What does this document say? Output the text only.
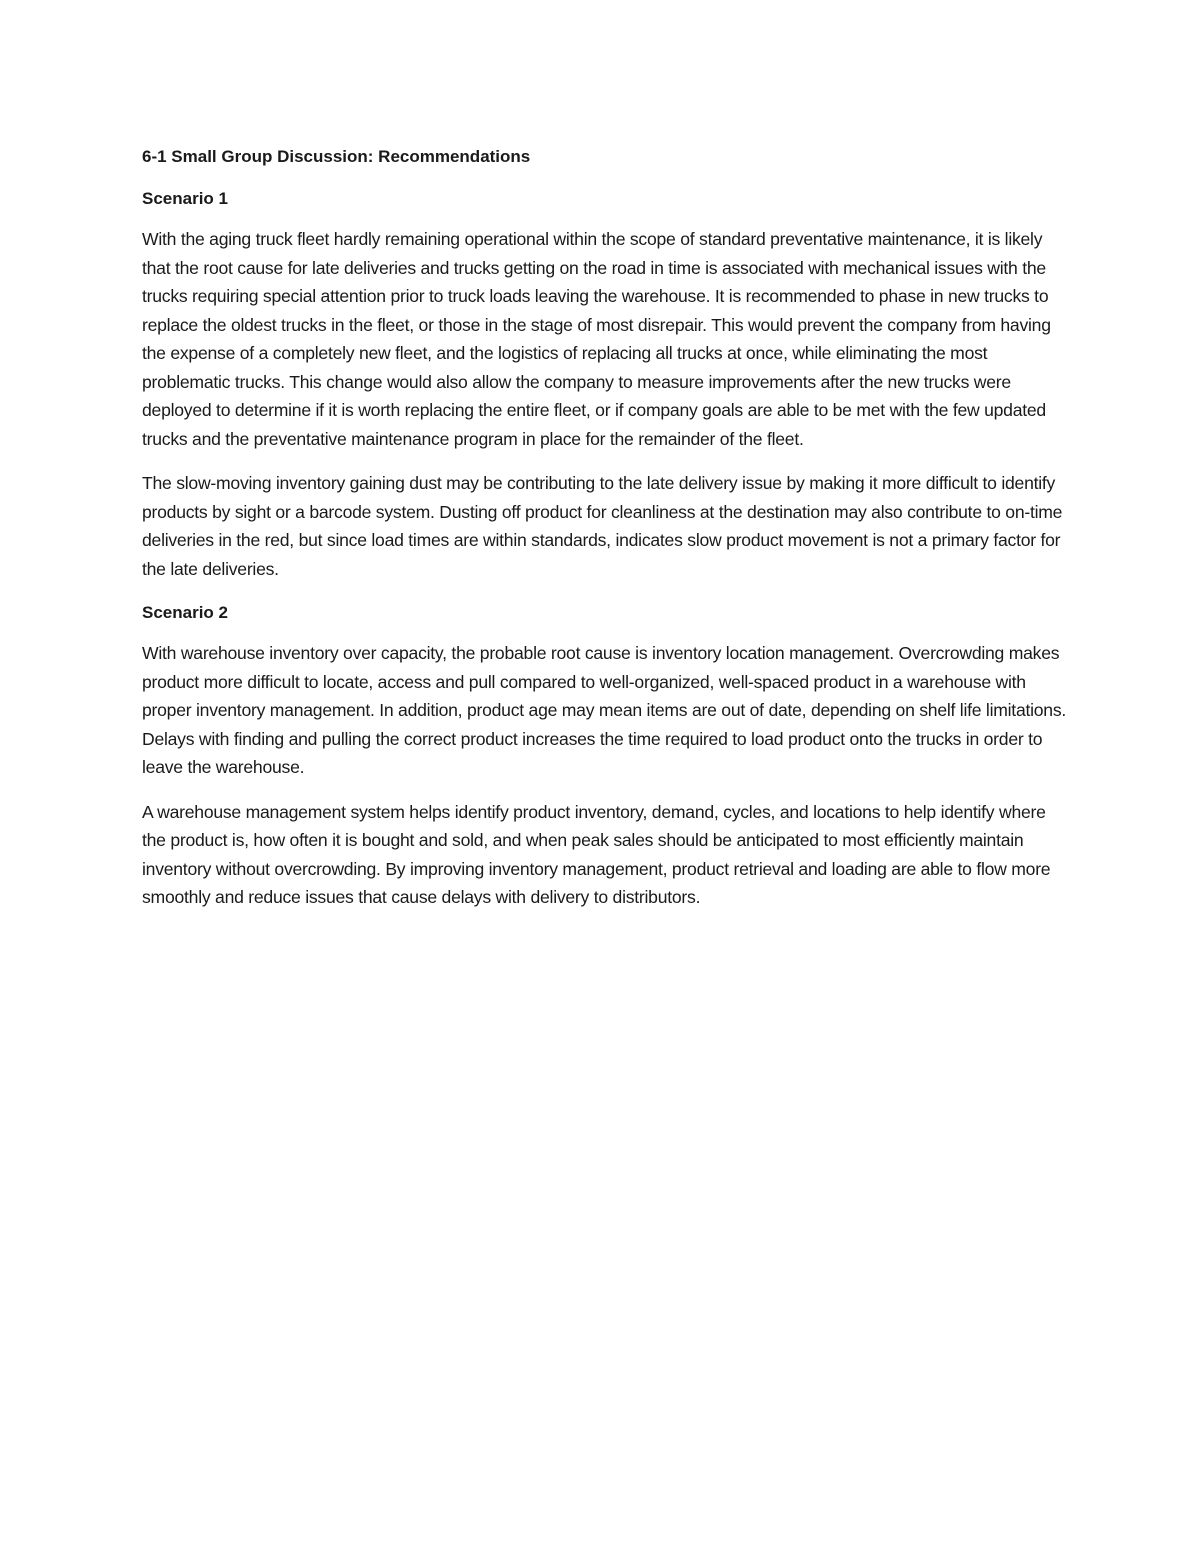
6-1 Small Group Discussion: Recommendations
Scenario 1

With the aging truck fleet hardly remaining operational within the scope of standard preventative maintenance, it is likely that the root cause for late deliveries and trucks getting on the road in time is associated with mechanical issues with the trucks requiring special attention prior to truck loads leaving the warehouse. It is recommended to phase in new trucks to replace the oldest trucks in the fleet, or those in the stage of most disrepair. This would prevent the company from having the expense of a completely new fleet, and the logistics of replacing all trucks at once, while eliminating the most problematic trucks. This change would also allow the company to measure improvements after the new trucks were deployed to determine if it is worth replacing the entire fleet, or if company goals are able to be met with the few updated trucks and the preventative maintenance program in place for the remainder of the fleet.

The slow-moving inventory gaining dust may be contributing to the late delivery issue by making it more difficult to identify products by sight or a barcode system. Dusting off product for cleanliness at the destination may also contribute to on-time deliveries in the red, but since load times are within standards, indicates slow product movement is not a primary factor for the late deliveries.

Scenario 2

With warehouse inventory over capacity, the probable root cause is inventory location management. Overcrowding makes product more difficult to locate, access and pull compared to well-organized, well-spaced product in a warehouse with proper inventory management. In addition, product age may mean items are out of date, depending on shelf life limitations. Delays with finding and pulling the correct product increases the time required to load product onto the trucks in order to leave the warehouse.

A warehouse management system helps identify product inventory, demand, cycles, and locations to help identify where the product is, how often it is bought and sold, and when peak sales should be anticipated to most efficiently maintain inventory without overcrowding. By improving inventory management, product retrieval and loading are able to flow more smoothly and reduce issues that cause delays with delivery to distributors.
